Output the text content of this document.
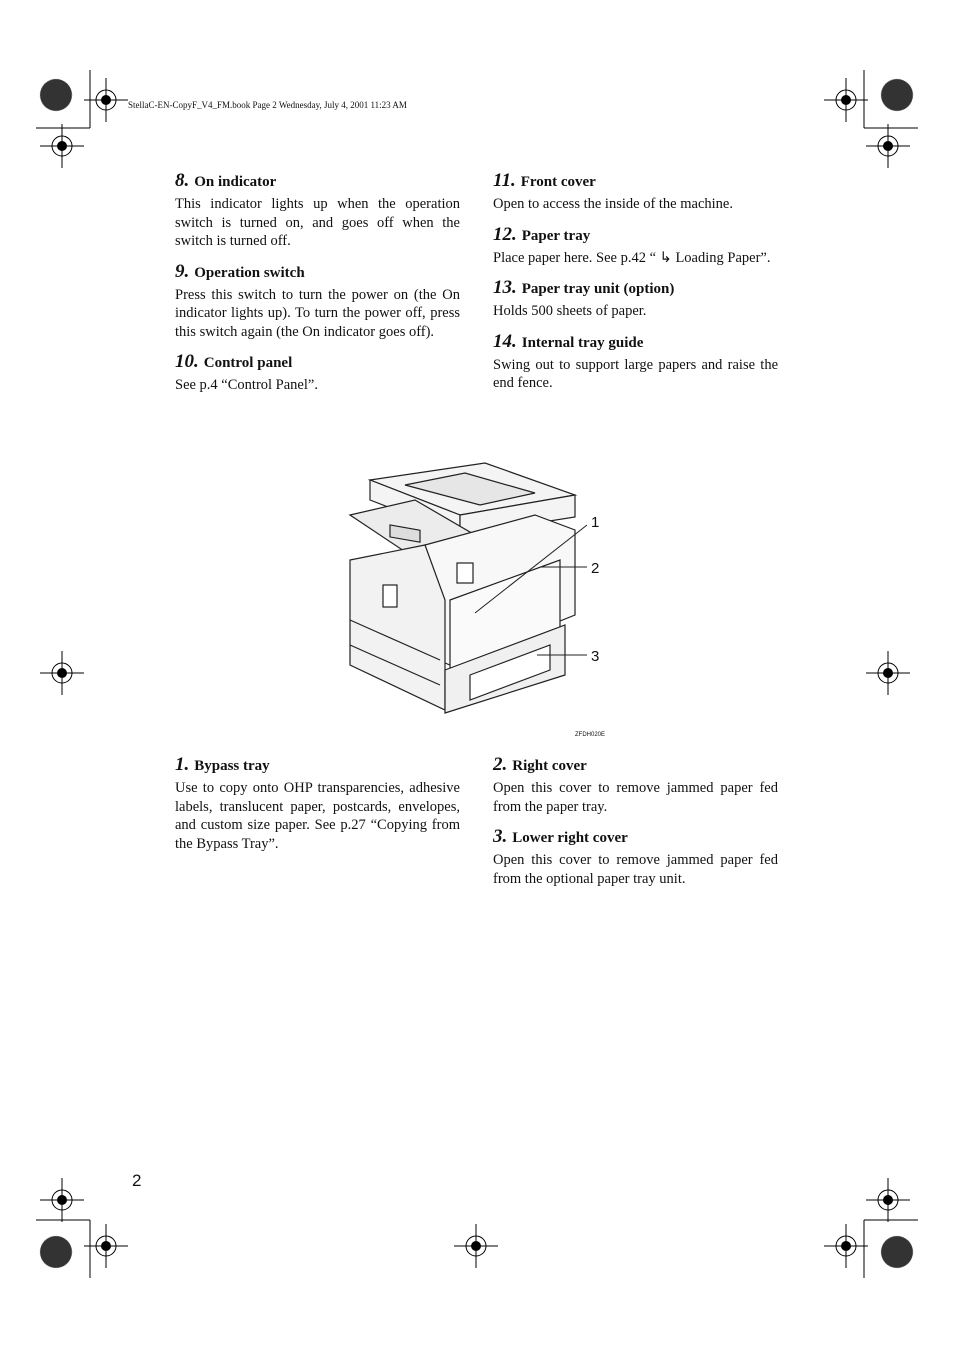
StellaC-EN-CopyF_V4_FM.book Page 2 Wednesday, July 4, 2001 11:23 AM

8. On indicator

This indicator lights up when the operation switch is turned on, and goes off when the switch is turned off.

9. Operation switch

Press this switch to turn the power on (the On indicator lights up). To turn the power off, press this switch again (the On indicator goes off).

10. Control panel

See p.4 “Control Panel”.

11. Front cover

Open to access the inside of the machine.

12. Paper tray

Place paper here. See p.42 “ ↳ Loading Paper”.

13. Paper tray unit (option)

Holds 500 sheets of paper.

14. Internal tray guide

Swing out to support large papers and raise the end fence.

1
2
3
ZFDH020E

1. Bypass tray

Use to copy onto OHP transparencies, adhesive labels, translucent paper, postcards, envelopes, and custom size paper. See p.27 “Copying from the Bypass Tray”.

2. Right cover

Open this cover to remove jammed paper fed from the paper tray.

3. Lower right cover

Open this cover to remove jammed paper fed from the optional paper tray unit.

2
